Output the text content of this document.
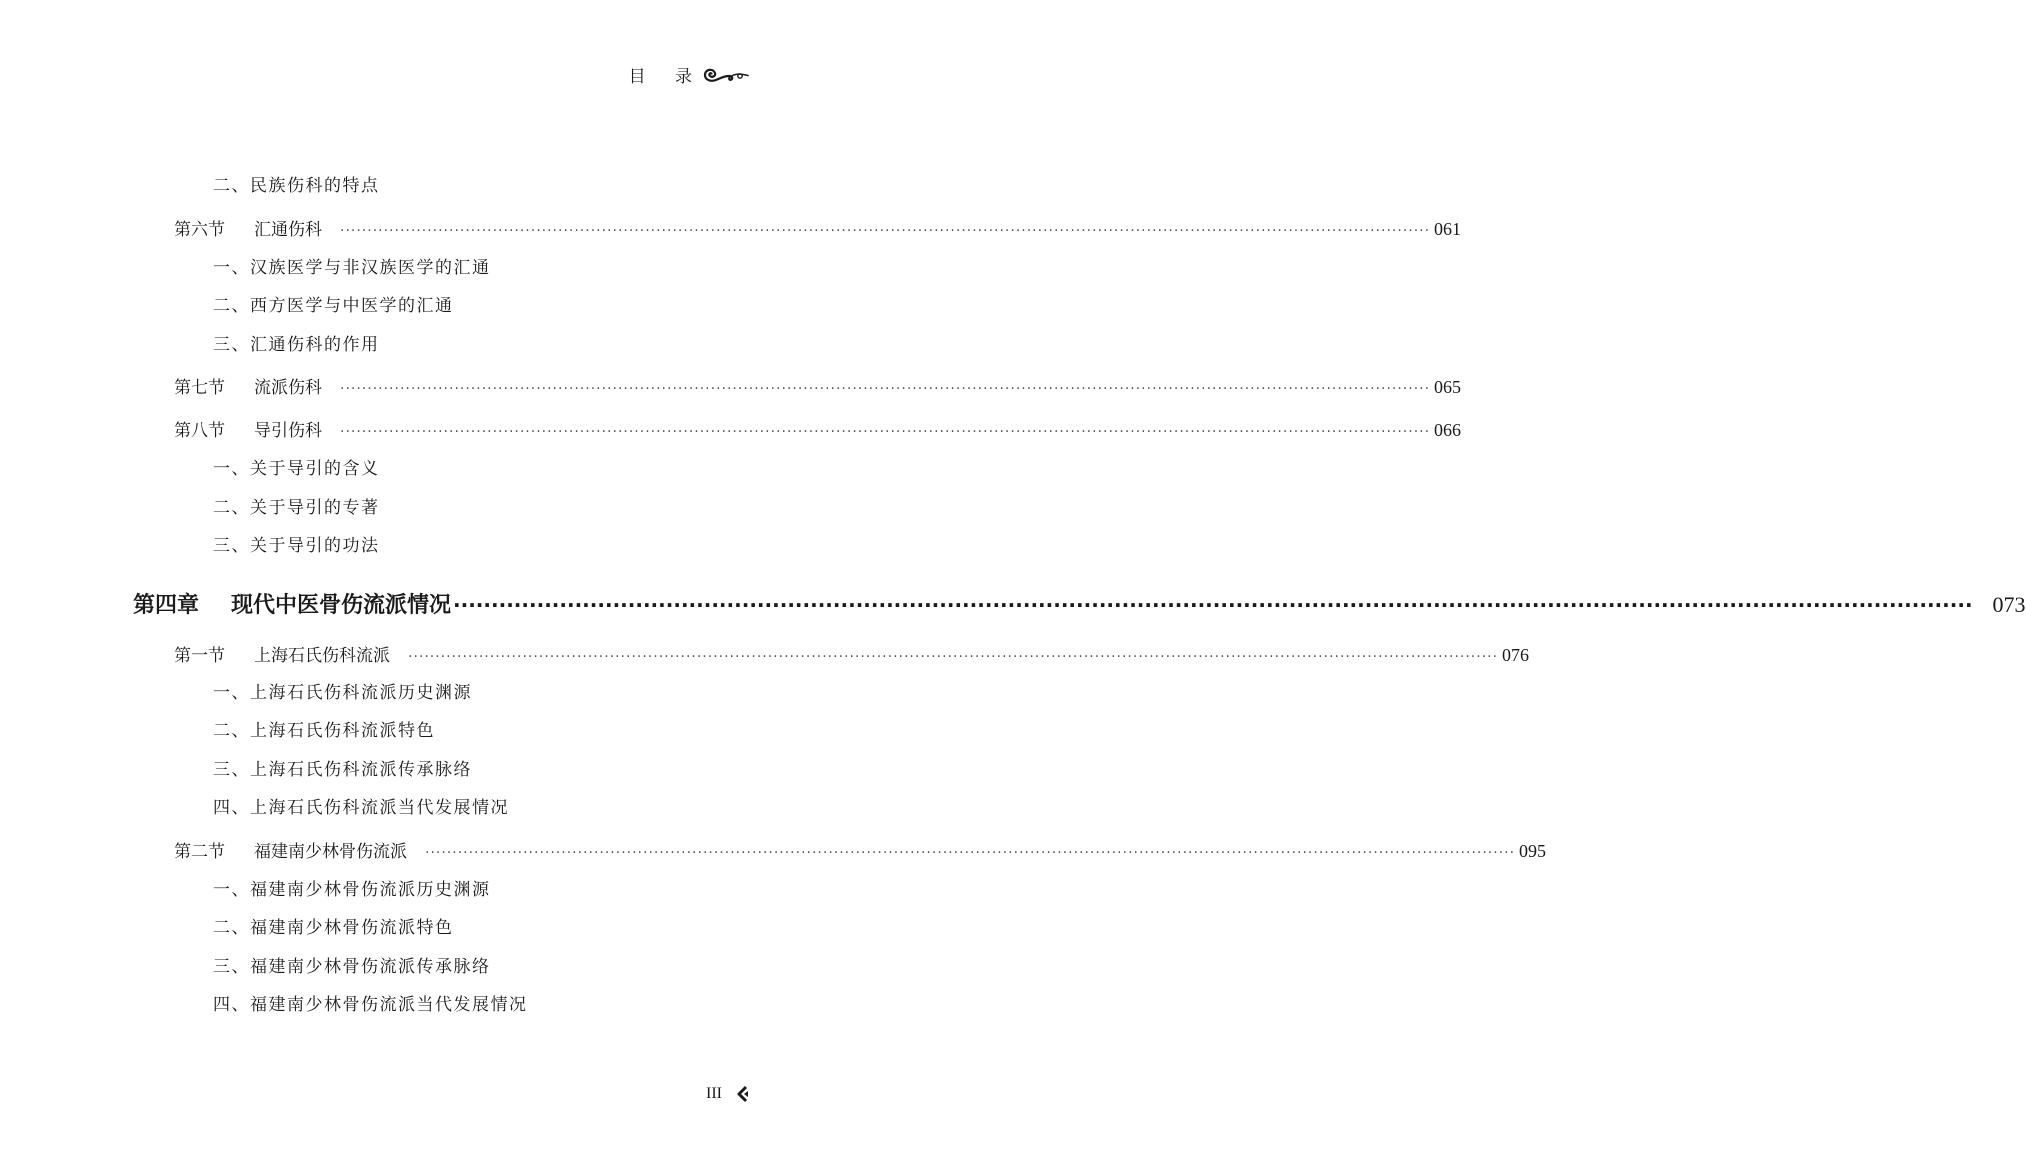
目 录
二、民族伤科的特点
第六节	汇通伤科 ········································································································································································································ 061
一、汉族医学与非汉族医学的汇通
二、西方医学与中医学的汇通
三、汇通伤科的作用
第七节	流派伤科 ········································································································································································································ 065
第八节	导引伤科 ········································································································································································································ 066
一、关于导引的含义
二、关于导引的专著
三、关于导引的功法
第四章	现代中医骨伤流派情况 ········································································································································································································ 073
第一节	上海石氏伤科流派 ········································································································································································································ 076
一、上海石氏伤科流派历史渊源
二、上海石氏伤科流派特色
三、上海石氏伤科流派传承脉络
四、上海石氏伤科流派当代发展情况
第二节	福建南少林骨伤流派 ········································································································································································································ 095
一、福建南少林骨伤流派历史渊源
二、福建南少林骨伤流派特色
三、福建南少林骨伤流派传承脉络
四、福建南少林骨伤流派当代发展情况
III
